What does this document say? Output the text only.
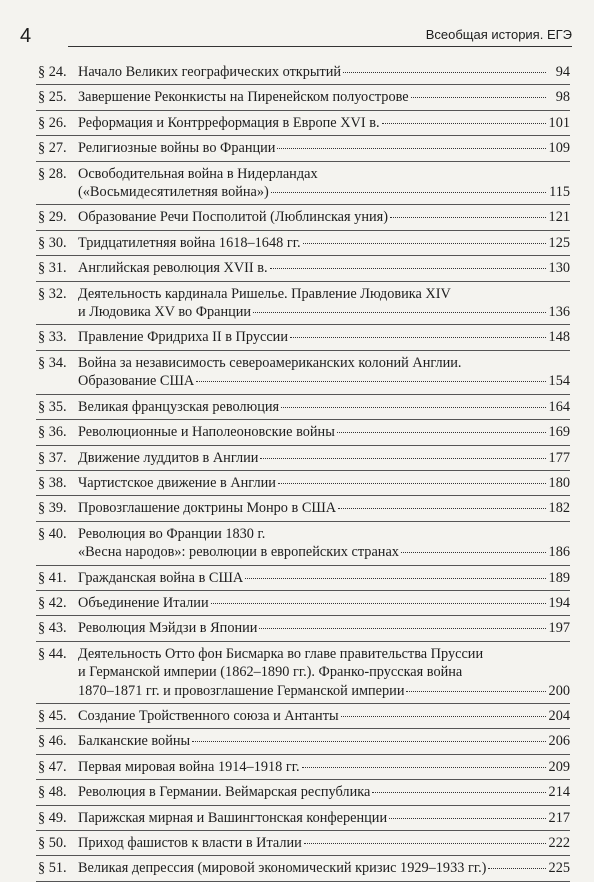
4	Всеобщая история. ЕГЭ
§ 24. Начало Великих географических открытий	94
§ 25. Завершение Реконкисты на Пиренейском полуострове	98
§ 26. Реформация и Контрреформация в Европе XVI в.	101
§ 27. Религиозные войны во Франции	109
§ 28. Освободительная война в Нидерландах
(«Восьмидесятилетняя война»)	115
§ 29. Образование Речи Посполитой (Люблинская уния)	121
§ 30. Тридцатилетняя война 1618–1648 гг.	125
§ 31. Английская революция XVII в.	130
§ 32. Деятельность кардинала Ришелье. Правление Людовика XIV
и Людовика XV во Франции	136
§ 33. Правление Фридриха II в Пруссии	148
§ 34. Война за независимость североамериканских колоний Англии.
Образование США	154
§ 35. Великая французская революция	164
§ 36. Революционные и Наполеоновские войны	169
§ 37. Движение луддитов в Англии	177
§ 38. Чартистское движение в Англии	180
§ 39. Провозглашение доктрины Монро в США	182
§ 40. Революция во Франции 1830 г.
«Весна народов»: революции в европейских странах	186
§ 41. Гражданская война в США	189
§ 42. Объединение Италии	194
§ 43. Революция Мэйдзи в Японии	197
§ 44. Деятельность Отто фон Бисмарка во главе правительства Пруссии
и Германской империи (1862–1890 гг.). Франко-прусская война
1870–1871 гг. и провозглашение Германской империи	200
§ 45. Создание Тройственного союза и Антанты	204
§ 46. Балканские войны	206
§ 47. Первая мировая война 1914–1918 гг.	209
§ 48. Революция в Германии. Веймарская республика	214
§ 49. Парижская мирная и Вашингтонская конференции	217
§ 50. Приход фашистов к власти в Италии	222
§ 51. Великая депрессия (мировой экономический кризис 1929–1933 гг.)	225
